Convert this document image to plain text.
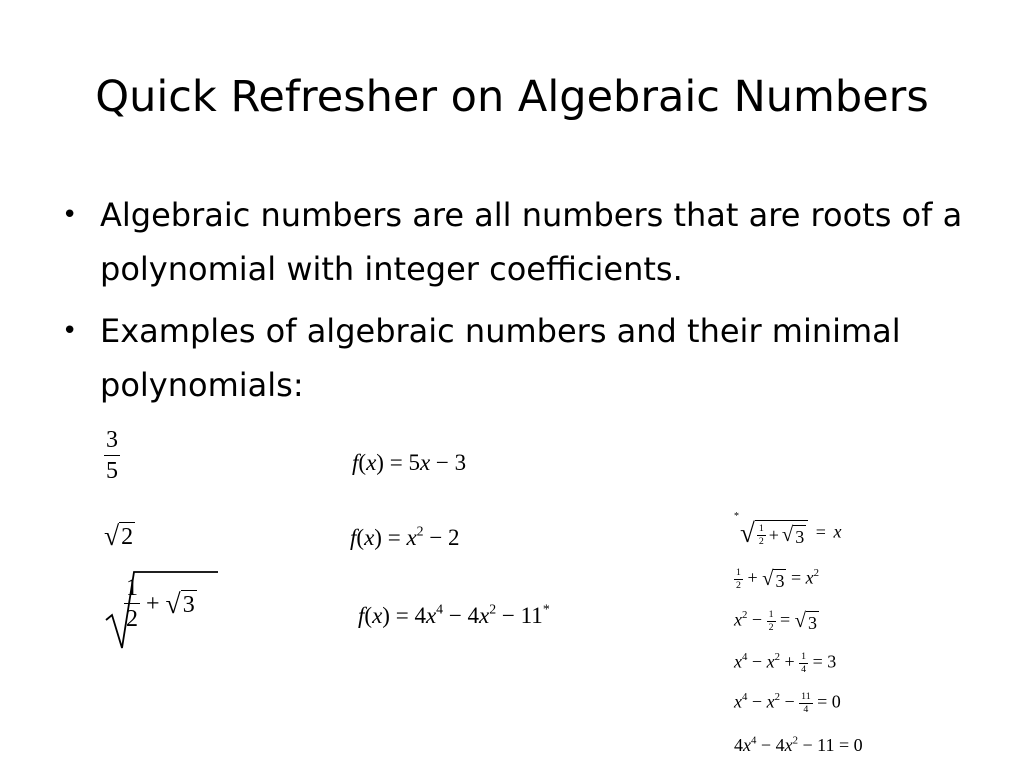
Quick Refresher on Algebraic Numbers
• Algebraic numbers are all numbers that are roots of a polynomial with integer coefficients.
• Examples of algebraic numbers and their minimal polynomials:
$\frac{3}{5}$	f(x) = 5x − 3
√ 2	$f(x) = x^2 - 2$
$\frac{1}{2}$ + √ 3	$f(x) = 4x^4 - 4x^2 - 11^*$
*
√ $\frac{1}{2}$ + √ 3 = x
$\frac{1}{2}$ + √ $3 = x^2$
$x^2 - \frac{1}{2}$ = √ 3
$x^4 - x^2 + \frac{1}{4} = 3$
$x^4 - x^2 - \frac{11}{4} = 0$
$4x^4 - 4x^2 - 11 = 0$
